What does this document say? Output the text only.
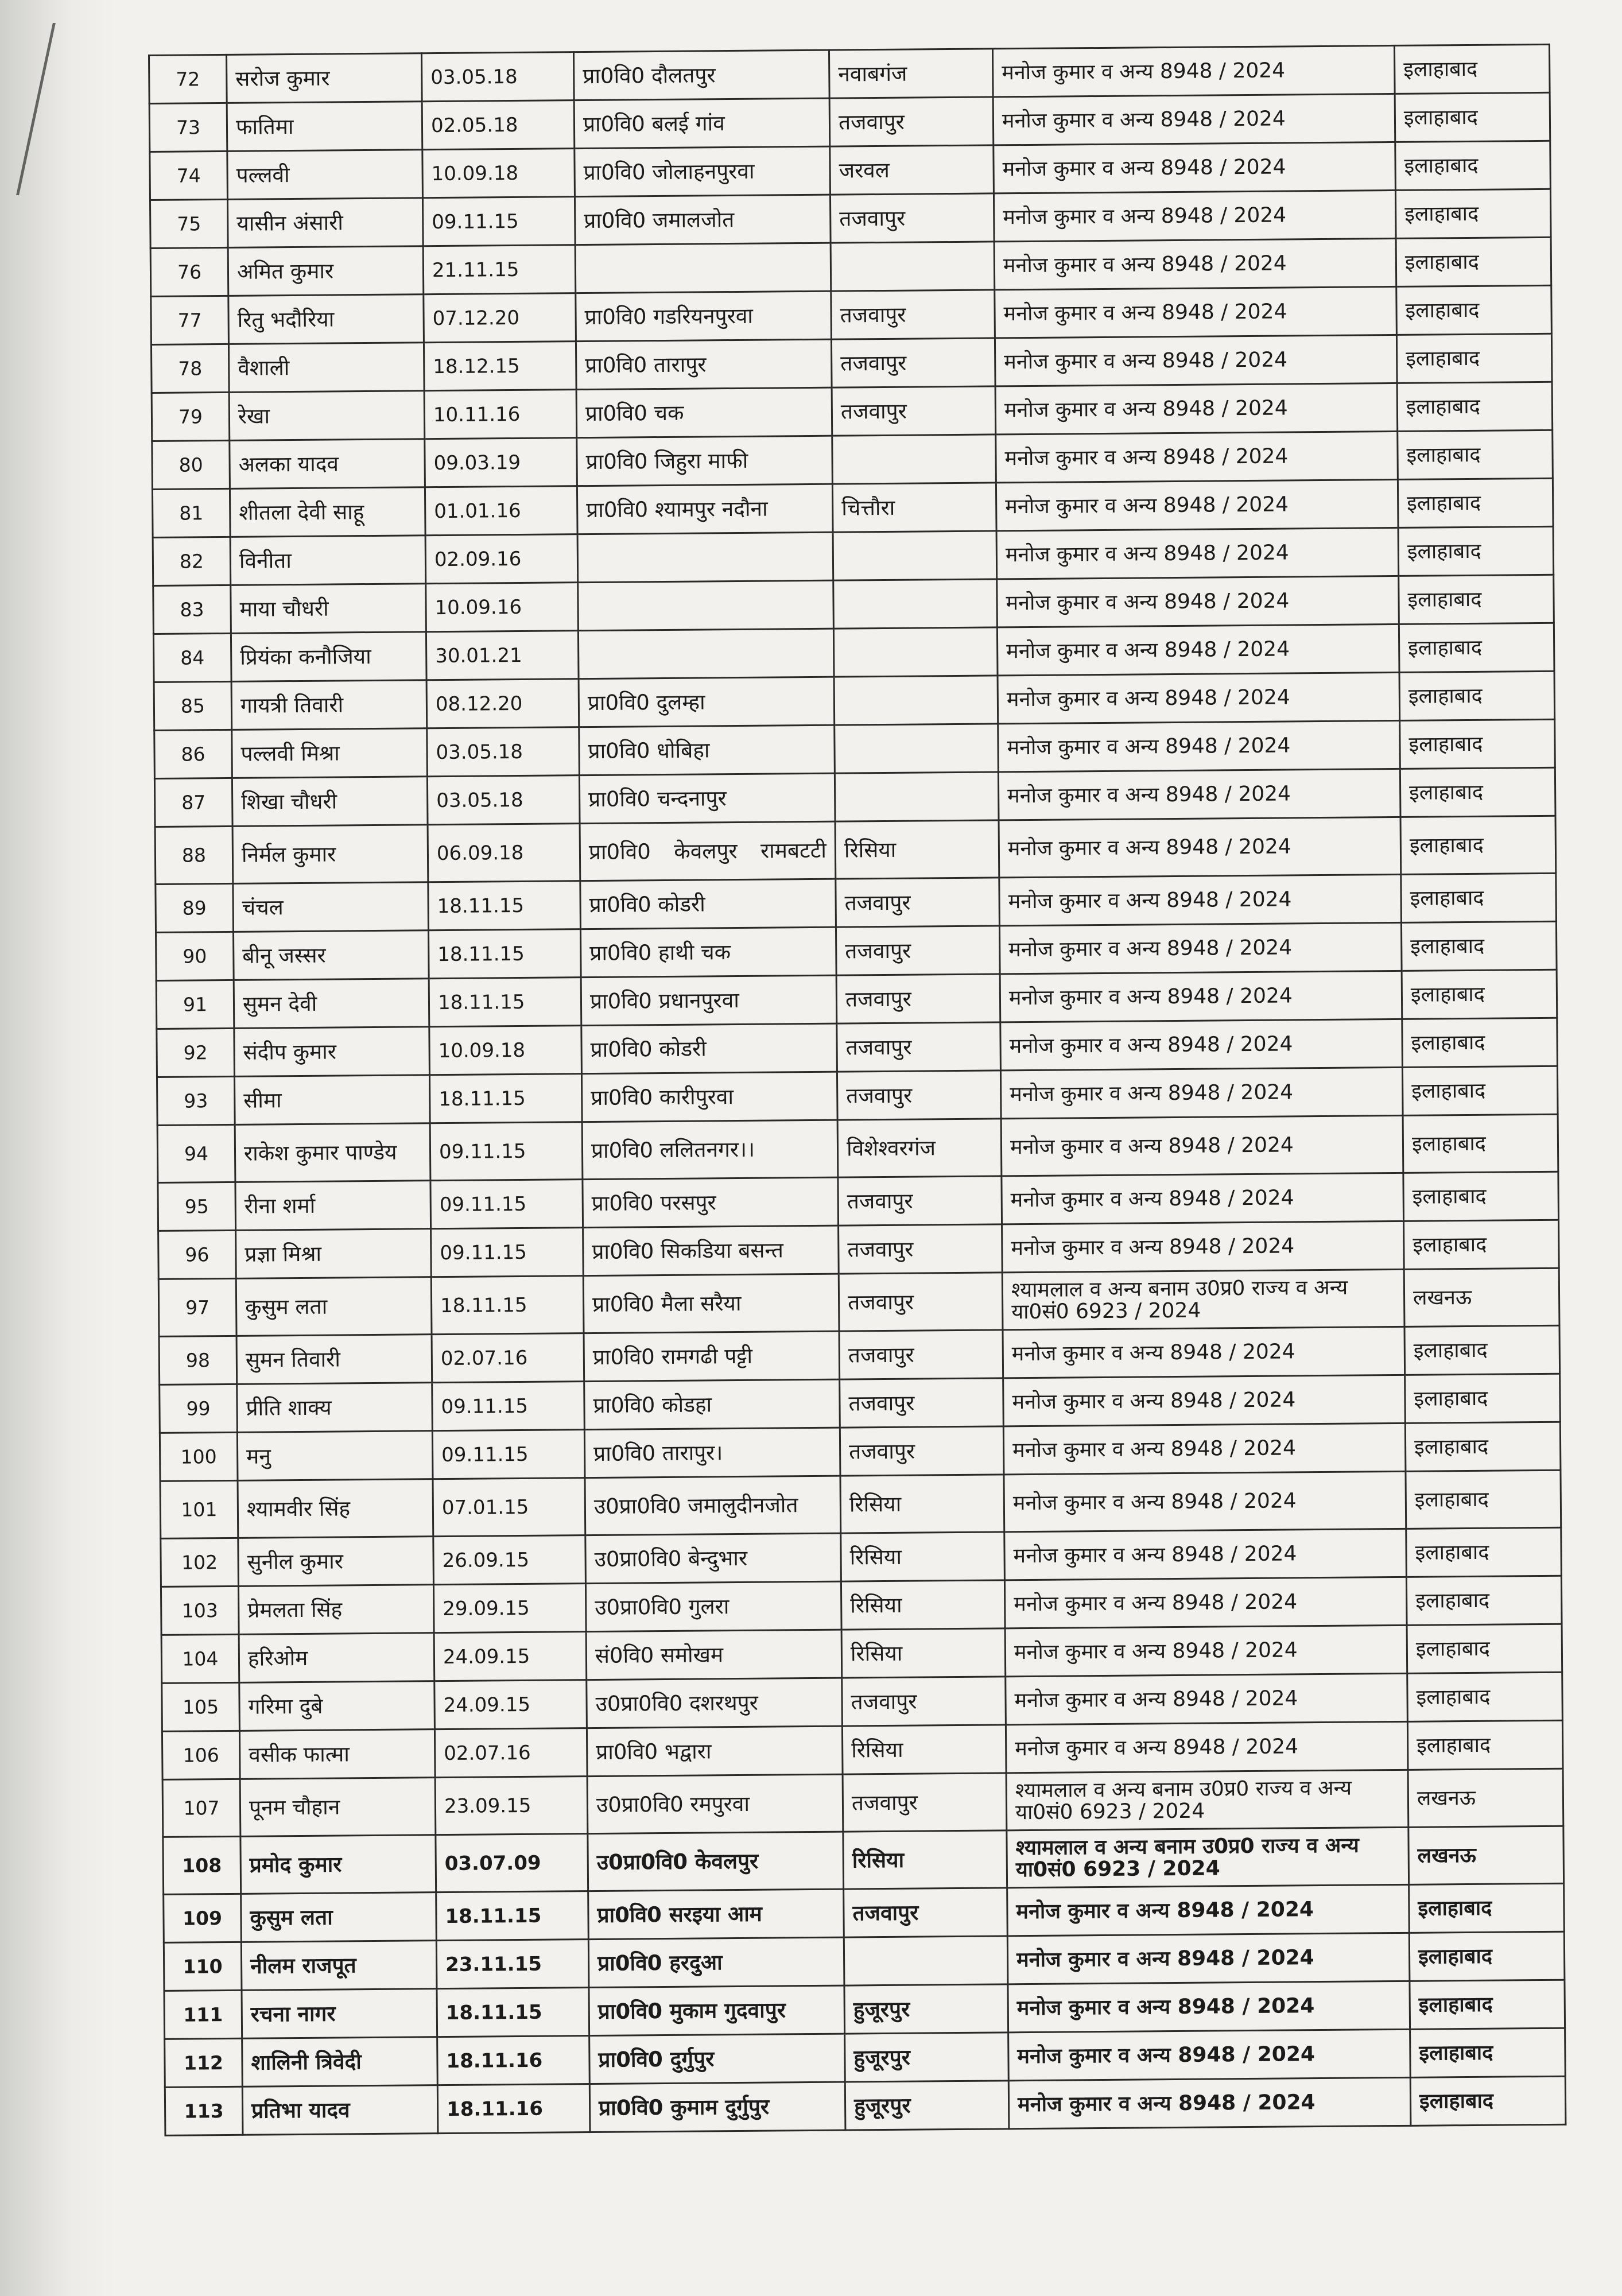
72	सरोज कुमार	03.05.18	प्रा0वि0 दौलतपुर	नवाबगंज	मनोज कुमार व अन्य 8948 / 2024	इलाहाबाद
73	फातिमा	02.05.18	प्रा0वि0 बलई गांव	तजवापुर	मनोज कुमार व अन्य 8948 / 2024	इलाहाबाद
74	पल्लवी	10.09.18	प्रा0वि0 जोलाहनपुरवा	जरवल	मनोज कुमार व अन्य 8948 / 2024	इलाहाबाद
75	यासीन अंसारी	09.11.15	प्रा0वि0 जमालजोत	तजवापुर	मनोज कुमार व अन्य 8948 / 2024	इलाहाबाद
76	अमित कुमार	21.11.15			मनोज कुमार व अन्य 8948 / 2024	इलाहाबाद
77	रितु भदौरिया	07.12.20	प्रा0वि0 गडरियनपुरवा	तजवापुर	मनोज कुमार व अन्य 8948 / 2024	इलाहाबाद
78	वैशाली	18.12.15	प्रा0वि0 तारापुर	तजवापुर	मनोज कुमार व अन्य 8948 / 2024	इलाहाबाद
79	रेखा	10.11.16	प्रा0वि0 चक	तजवापुर	मनोज कुमार व अन्य 8948 / 2024	इलाहाबाद
80	अलका यादव	09.03.19	प्रा0वि0 जिहुरा माफी		मनोज कुमार व अन्य 8948 / 2024	इलाहाबाद
81	शीतला देवी साहू	01.01.16	प्रा0वि0 श्यामपुर नदौना	चित्तौरा	मनोज कुमार व अन्य 8948 / 2024	इलाहाबाद
82	विनीता	02.09.16			मनोज कुमार व अन्य 8948 / 2024	इलाहाबाद
83	माया चौधरी	10.09.16			मनोज कुमार व अन्य 8948 / 2024	इलाहाबाद
84	प्रियंका कनौजिया	30.01.21			मनोज कुमार व अन्य 8948 / 2024	इलाहाबाद
85	गायत्री तिवारी	08.12.20	प्रा0वि0 दुलम्हा		मनोज कुमार व अन्य 8948 / 2024	इलाहाबाद
86	पल्लवी मिश्रा	03.05.18	प्रा0वि0 धोबिहा		मनोज कुमार व अन्य 8948 / 2024	इलाहाबाद
87	शिखा चौधरी	03.05.18	प्रा0वि0 चन्दनापुर		मनोज कुमार व अन्य 8948 / 2024	इलाहाबाद
88	निर्मल कुमार	06.09.18	प्रा0वि0 केवलपुर रामबटटी	रिसिया	मनोज कुमार व अन्य 8948 / 2024	इलाहाबाद
89	चंचल	18.11.15	प्रा0वि0 कोडरी	तजवापुर	मनोज कुमार व अन्य 8948 / 2024	इलाहाबाद
90	बीनू जस्सर	18.11.15	प्रा0वि0 हाथी चक	तजवापुर	मनोज कुमार व अन्य 8948 / 2024	इलाहाबाद
91	सुमन देवी	18.11.15	प्रा0वि0 प्रधानपुरवा	तजवापुर	मनोज कुमार व अन्य 8948 / 2024	इलाहाबाद
92	संदीप कुमार	10.09.18	प्रा0वि0 कोडरी	तजवापुर	मनोज कुमार व अन्य 8948 / 2024	इलाहाबाद
93	सीमा	18.11.15	प्रा0वि0 कारीपुरवा	तजवापुर	मनोज कुमार व अन्य 8948 / 2024	इलाहाबाद
94	राकेश कुमार पाण्डेय	09.11.15	प्रा0वि0 ललितनगर।।	विशेश्वरगंज	मनोज कुमार व अन्य 8948 / 2024	इलाहाबाद
95	रीना शर्मा	09.11.15	प्रा0वि0 परसपुर	तजवापुर	मनोज कुमार व अन्य 8948 / 2024	इलाहाबाद
96	प्रज्ञा मिश्रा	09.11.15	प्रा0वि0 सिकडिया बसन्त	तजवापुर	मनोज कुमार व अन्य 8948 / 2024	इलाहाबाद
97	कुसुम लता	18.11.15	प्रा0वि0 मैला सरैया	तजवापुर	श्यामलाल व अन्य बनाम उ0प्र0 राज्य व अन्य या0सं0 6923 / 2024	लखनऊ
98	सुमन तिवारी	02.07.16	प्रा0वि0 रामगढी पट्टी	तजवापुर	मनोज कुमार व अन्य 8948 / 2024	इलाहाबाद
99	प्रीति शाक्य	09.11.15	प्रा0वि0 कोडहा	तजवापुर	मनोज कुमार व अन्य 8948 / 2024	इलाहाबाद
100	मनु	09.11.15	प्रा0वि0 तारापुर।	तजवापुर	मनोज कुमार व अन्य 8948 / 2024	इलाहाबाद
101	श्यामवीर सिंह	07.01.15	उ0प्रा0वि0 जमालुदीनजोत	रिसिया	मनोज कुमार व अन्य 8948 / 2024	इलाहाबाद
102	सुनील कुमार	26.09.15	उ0प्रा0वि0 बेन्दुभार	रिसिया	मनोज कुमार व अन्य 8948 / 2024	इलाहाबाद
103	प्रेमलता सिंह	29.09.15	उ0प्रा0वि0 गुलरा	रिसिया	मनोज कुमार व अन्य 8948 / 2024	इलाहाबाद
104	हरिओम	24.09.15	सं0वि0 समोखम	रिसिया	मनोज कुमार व अन्य 8948 / 2024	इलाहाबाद
105	गरिमा दुबे	24.09.15	उ0प्रा0वि0 दशरथपुर	तजवापुर	मनोज कुमार व अन्य 8948 / 2024	इलाहाबाद
106	वसीक फात्मा	02.07.16	प्रा0वि0 भद्वारा	रिसिया	मनोज कुमार व अन्य 8948 / 2024	इलाहाबाद
107	पूनम चौहान	23.09.15	उ0प्रा0वि0 रमपुरवा	तजवापुर	श्यामलाल व अन्य बनाम उ0प्र0 राज्य व अन्य या0सं0 6923 / 2024	लखनऊ
108	प्रमोद कुमार	03.07.09	उ0प्रा0वि0 केवलपुर	रिसिया	श्यामलाल व अन्य बनाम उ0प्र0 राज्य व अन्य या0सं0 6923 / 2024	लखनऊ
109	कुसुम लता	18.11.15	प्रा0वि0 सरइया आम	तजवापुर	मनोज कुमार व अन्य 8948 / 2024	इलाहाबाद
110	नीलम राजपूत	23.11.15	प्रा0वि0 हरदुआ		मनोज कुमार व अन्य 8948 / 2024	इलाहाबाद
111	रचना नागर	18.11.15	प्रा0वि0 मुकाम गुदवापुर	हुजूरपुर	मनोज कुमार व अन्य 8948 / 2024	इलाहाबाद
112	शालिनी त्रिवेदी	18.11.16	प्रा0वि0 दुर्गुपुर	हुजूरपुर	मनोज कुमार व अन्य 8948 / 2024	इलाहाबाद
113	प्रतिभा यादव	18.11.16	प्रा0वि0 कुमाम दुर्गुपुर	हुजूरपुर	मनोज कुमार व अन्य 8948 / 2024	इलाहाबाद
